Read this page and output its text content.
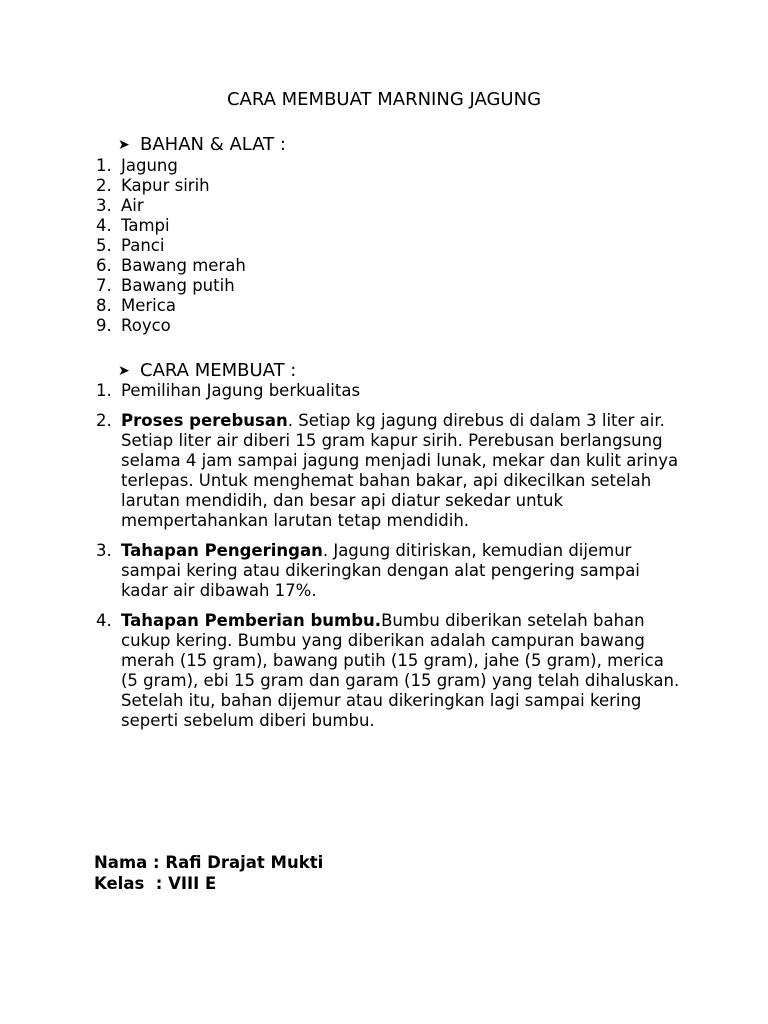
CARA MEMBUAT MARNING JAGUNG
➤ BAHAN & ALAT :
1. Jagung
2. Kapur sirih
3. Air
4. Tampi
5. Panci
6. Bawang merah
7. Bawang putih
8. Merica
9. Royco
➤ CARA MEMBUAT :
1. Pemilihan Jagung berkualitas
2. Proses perebusan. Setiap kg jagung direbus di dalam 3 liter air. Setiap liter air diberi 15 gram kapur sirih. Perebusan berlangsung selama 4 jam sampai jagung menjadi lunak, mekar dan kulit arinya terlepas. Untuk menghemat bahan bakar, api dikecilkan setelah larutan mendidih, dan besar api diatur sekedar untuk mempertahankan larutan tetap mendidih.
3. Tahapan Pengeringan. Jagung ditiriskan, kemudian dijemur sampai kering atau dikeringkan dengan alat pengering sampai kadar air dibawah 17%.
4. Tahapan Pemberian bumbu.Bumbu diberikan setelah bahan cukup kering. Bumbu yang diberikan adalah campuran bawang merah (15 gram), bawang putih (15 gram), jahe (5 gram), merica (5 gram), ebi 15 gram dan garam (15 gram) yang telah dihaluskan. Setelah itu, bahan dijemur atau dikeringkan lagi sampai kering seperti sebelum diberi bumbu.
Nama : Rafi Drajat Mukti
Kelas  : VIII E
